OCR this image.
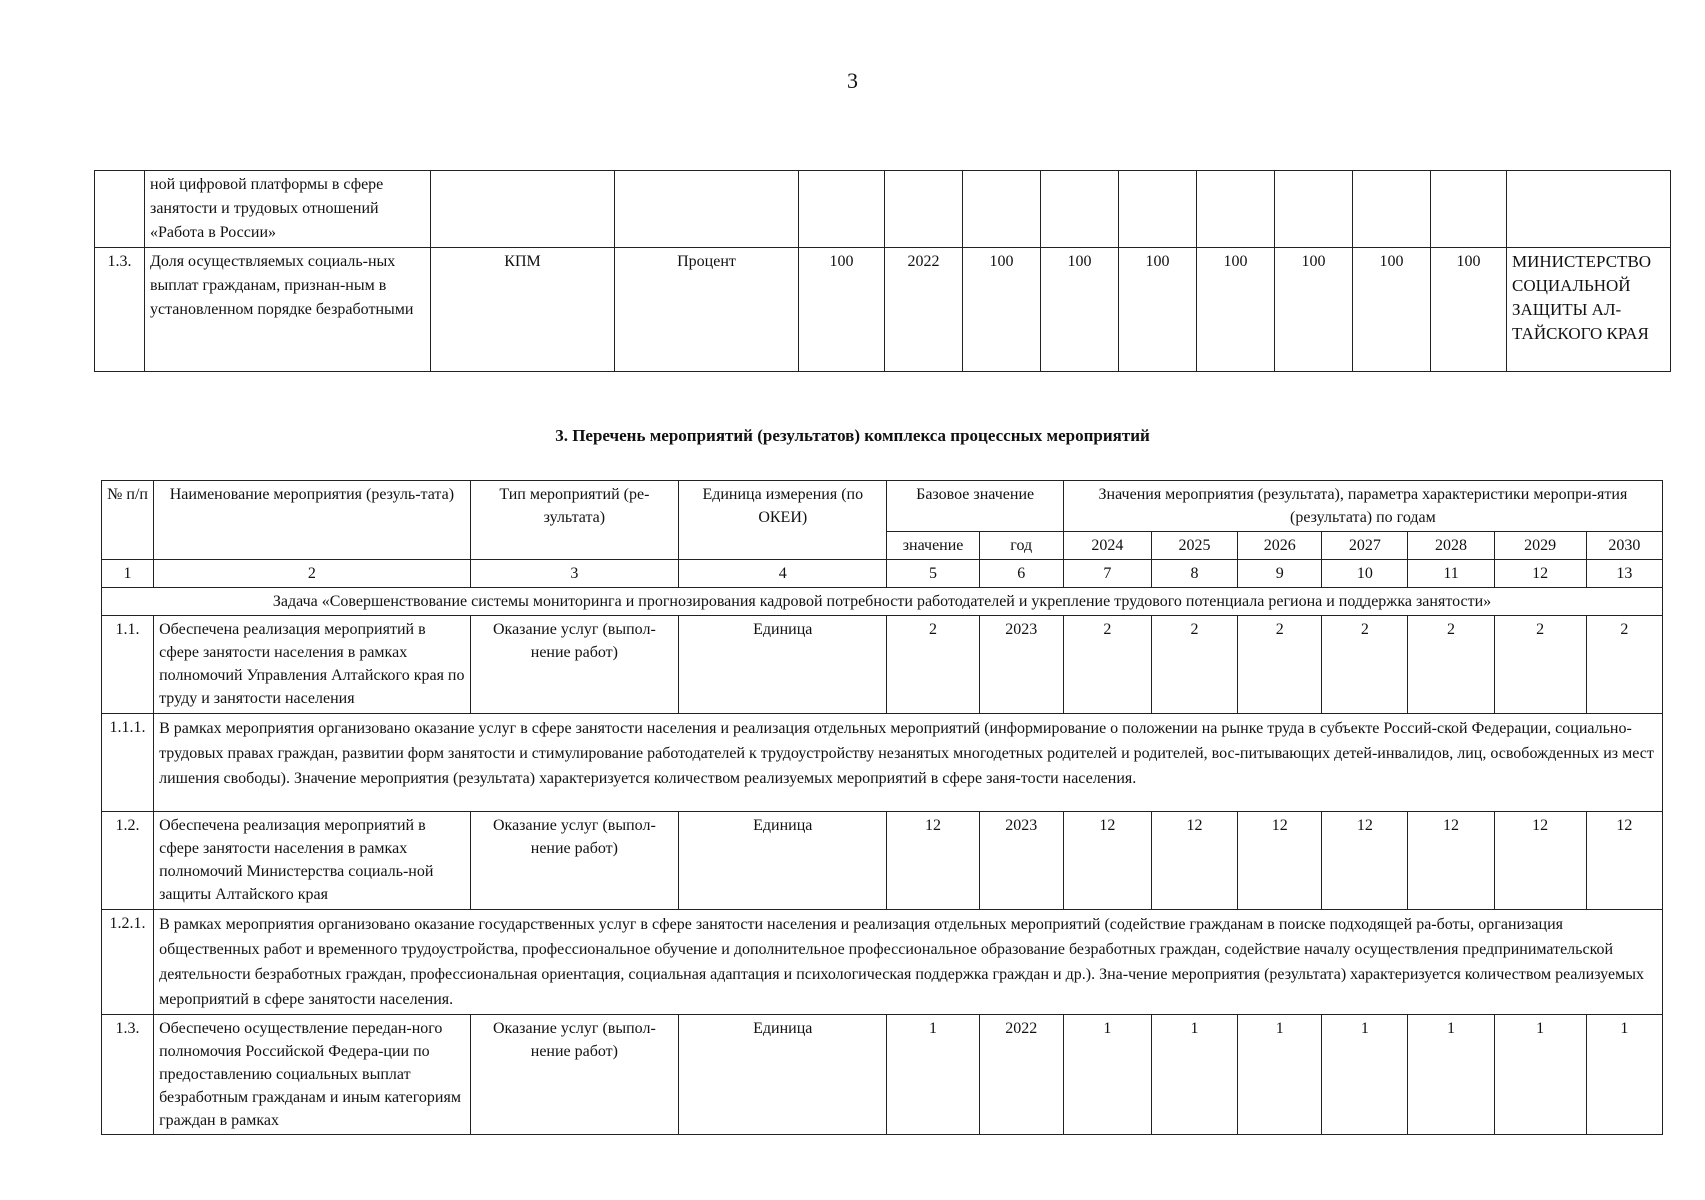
3
	ной цифровой платформы в сфере занятости и трудовых отношений «Работа в России»												
1.3.	Доля осуществляемых социаль-ных выплат гражданам, признан-ным в установленном порядке безработными	КПМ	Процент	100	2022	100	100	100	100	100	100	100	МИНИСТЕРСТВО СОЦИАЛЬНОЙ ЗАЩИТЫ АЛ-ТАЙСКОГО КРАЯ
3. Перечень мероприятий (результатов) комплекса процессных мероприятий
№ п/п	Наименование мероприятия (резуль-тата)	Тип мероприятий (ре-зультата)	Единица измерения (по ОКЕИ)	Базовое значение		Значения мероприятия (результата), параметра характеристики меропри-ятия (результата) по годам						
				значение	год	2024	2025	2026	2027	2028	2029	2030
1	2	3	4	5	6	7	8	9	10	11	12	13
Задача «Совершенствование системы мониторинга и прогнозирования кадровой потребности работодателей и укрепление трудового потенциала региона и поддержка занятости»												
1.1.	Обеспечена реализация мероприятий в сфере занятости населения в рамках полномочий Управления Алтайского края по труду и занятости населения	Оказание услуг (выпол-нение работ)	Единица	2	2023	2	2	2	2	2	2	2
1.1.1.	В рамках мероприятия организовано оказание услуг в сфере занятости населения и реализация отдельных мероприятий (информирование о положении на рынке труда в субъекте Россий-ской Федерации, социально-трудовых правах граждан, развитии форм занятости и стимулирование работодателей к трудоустройству незанятых многодетных родителей и родителей, вос-питывающих детей-инвалидов, лиц, освобожденных из мест лишения свободы). Значение мероприятия (результата) характеризуется количеством реализуемых мероприятий в сфере заня-тости населения.											
1.2.	Обеспечена реализация мероприятий в сфере занятости населения в рамках полномочий Министерства социаль-ной защиты Алтайского края	Оказание услуг (выпол-нение работ)	Единица	12	2023	12	12	12	12	12	12	12
1.2.1.	В рамках мероприятия организовано оказание государственных услуг в сфере занятости населения и реализация отдельных мероприятий (содействие гражданам в поиске подходящей ра-боты, организация общественных работ и временного трудоустройства, профессиональное обучение и дополнительное профессиональное образование безработных граждан, содействие началу осуществления предпринимательской деятельности безработных граждан, профессиональная ориентация, социальная адаптация и психологическая поддержка граждан и др.). Зна-чение мероприятия (результата) характеризуется количеством реализуемых мероприятий в сфере занятости населения.											
1.3.	Обеспечено осуществление передан-ного полномочия Российской Федера-ции по предоставлению социальных выплат безработным гражданам и иным категориям граждан в рамках	Оказание услуг (выпол-нение работ)	Единица	1	2022	1	1	1	1	1	1	1
